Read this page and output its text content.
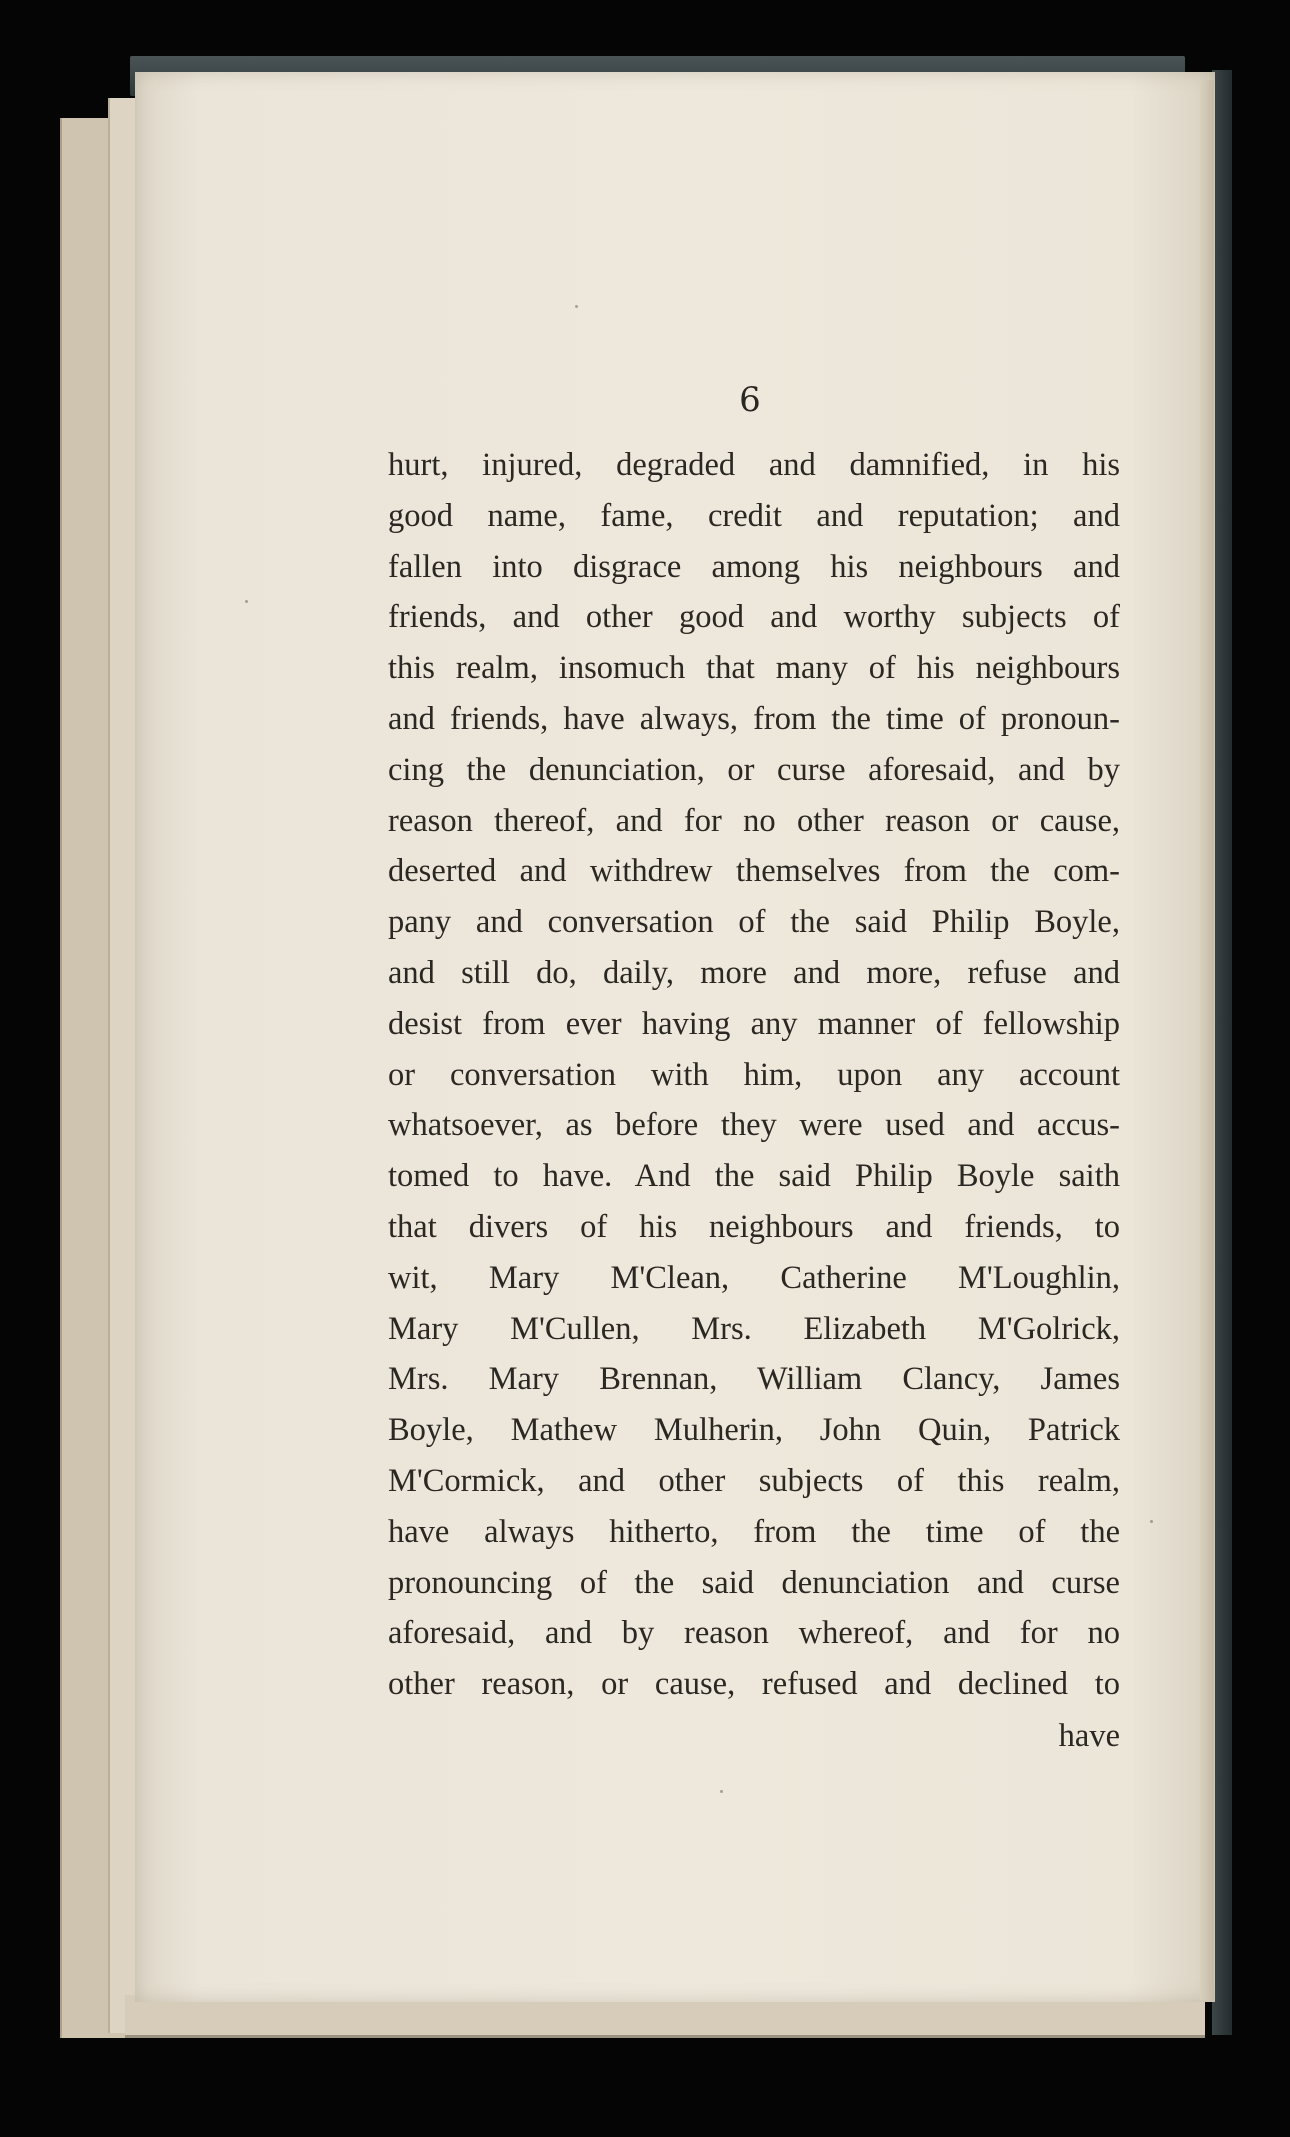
6
hurt, injured, degraded and damnified, in his
good name, fame, credit and reputation; and
fallen into disgrace among his neighbours and
friends, and other good and worthy subjects of
this realm, insomuch that many of his neighbours
and friends, have always, from the time of pronoun-
cing the denunciation, or curse aforesaid, and by
reason thereof, and for no other reason or cause,
deserted and withdrew themselves from the com-
pany and conversation of the said Philip Boyle,
and still do, daily, more and more, refuse and
desist from ever having any manner of fellowship
or conversation with him, upon any account
whatsoever, as before they were used and accus-
tomed to have. And the said Philip Boyle saith
that divers of his neighbours and friends, to
wit, Mary M'Clean, Catherine M'Loughlin,
Mary M'Cullen, Mrs. Elizabeth M'Golrick,
Mrs. Mary Brennan, William Clancy, James
Boyle, Mathew Mulherin, John Quin, Patrick
M'Cormick, and other subjects of this realm,
have always hitherto, from the time of the
pronouncing of the said denunciation and curse
aforesaid, and by reason whereof, and for no
other reason, or cause, refused and declined to
have
